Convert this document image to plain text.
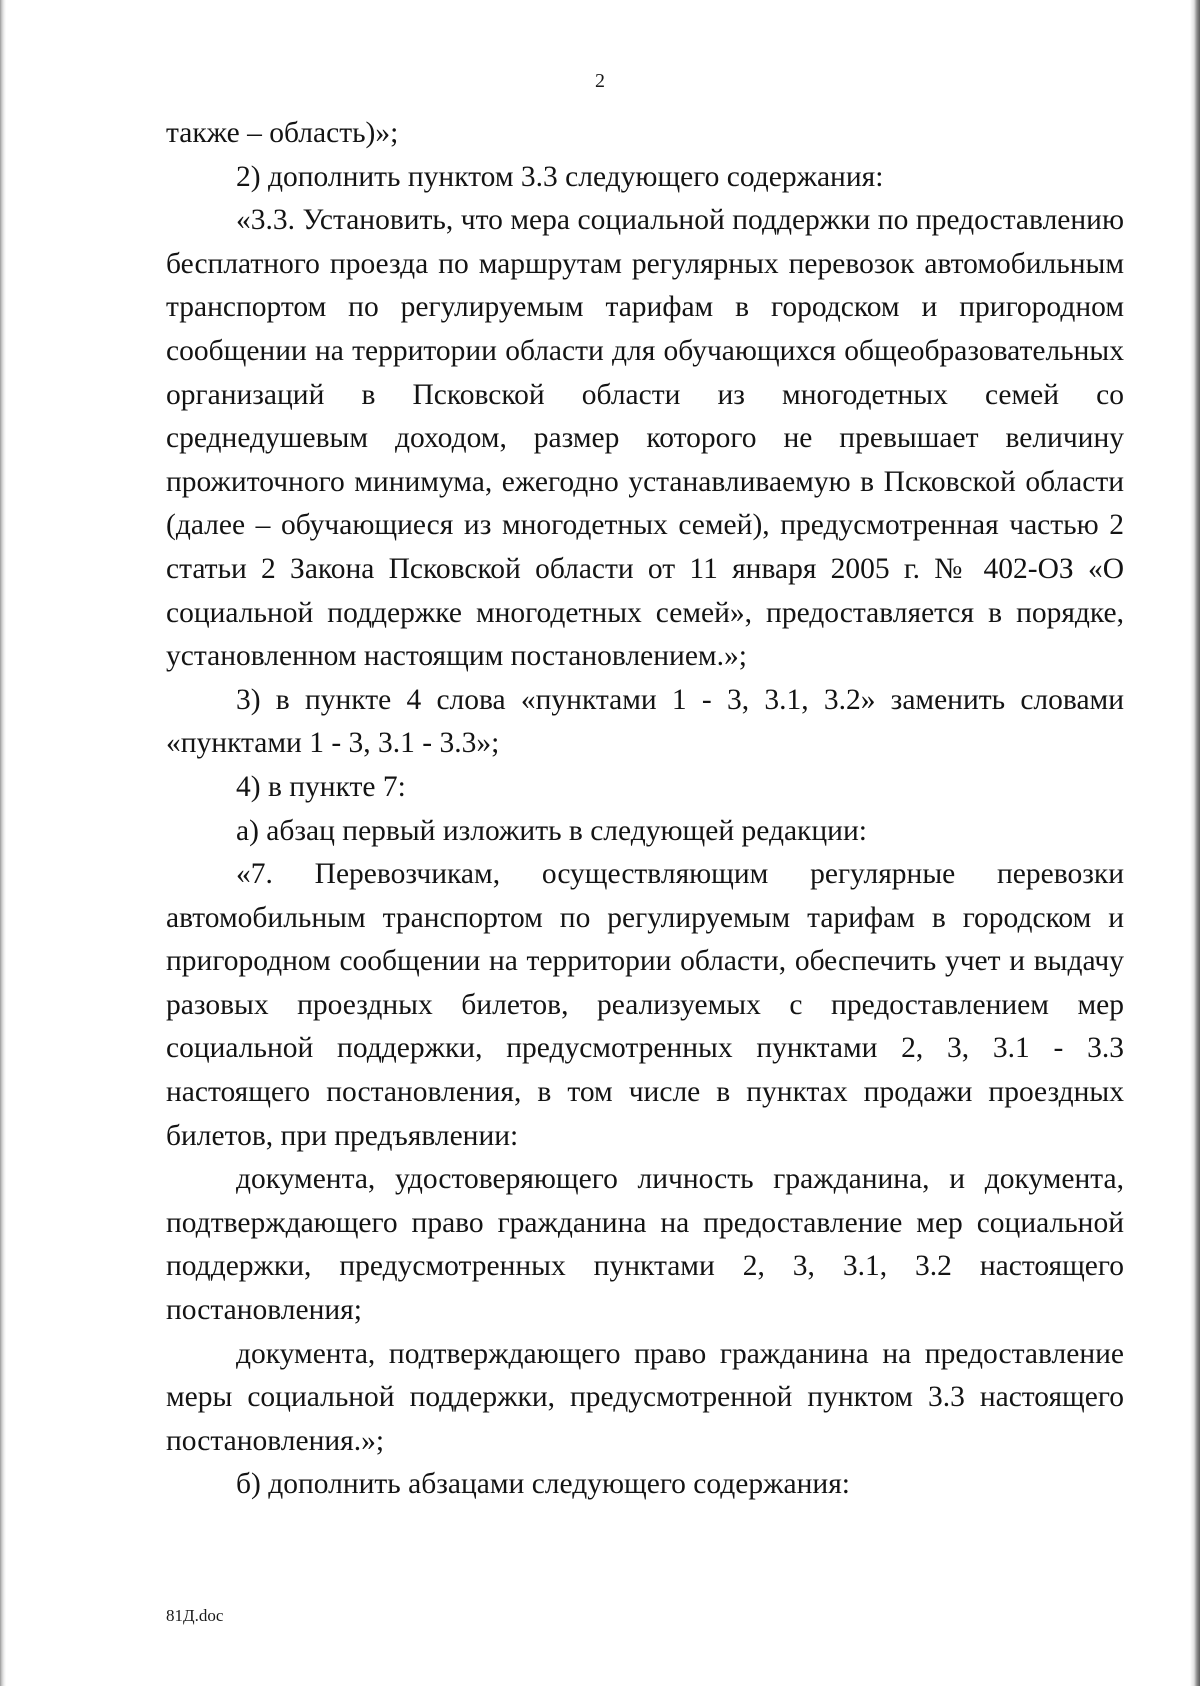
2

также – область)»;

2) дополнить пунктом 3.3 следующего содержания:

«3.3. Установить, что мера социальной поддержки по предоставлению бесплатного проезда по маршрутам регулярных перевозок автомобильным транспортом по регулируемым тарифам в городском и пригородном сообщении на территории области для обучающихся общеобразовательных организаций в Псковской области из многодетных семей со среднедушевым доходом, размер которого не превышает величину прожиточного минимума, ежегодно устанавливаемую в Псковской области (далее – обучающиеся из многодетных семей), предусмотренная частью 2 статьи 2 Закона Псковской области от 11 января 2005 г. № 402-ОЗ «О социальной поддержке многодетных семей», предоставляется в порядке, установленном настоящим постановлением.»;

3) в пункте 4 слова «пунктами 1 - 3, 3.1, 3.2» заменить словами «пунктами 1 - 3, 3.1 - 3.3»;

4) в пункте 7:

а) абзац первый изложить в следующей редакции:

«7. Перевозчикам, осуществляющим регулярные перевозки автомобильным транспортом по регулируемым тарифам в городском и пригородном сообщении на территории области, обеспечить учет и выдачу разовых проездных билетов, реализуемых с предоставлением мер социальной поддержки, предусмотренных пунктами 2, 3, 3.1 - 3.3 настоящего постановления, в том числе в пунктах продажи проездных билетов, при предъявлении:

документа, удостоверяющего личность гражданина, и документа, подтверждающего право гражданина на предоставление мер социальной поддержки, предусмотренных пунктами 2, 3, 3.1, 3.2 настоящего постановления;

документа, подтверждающего право гражданина на предоставление меры социальной поддержки, предусмотренной пунктом 3.3 настоящего постановления.»;

б) дополнить абзацами следующего содержания:

81Д.doc
